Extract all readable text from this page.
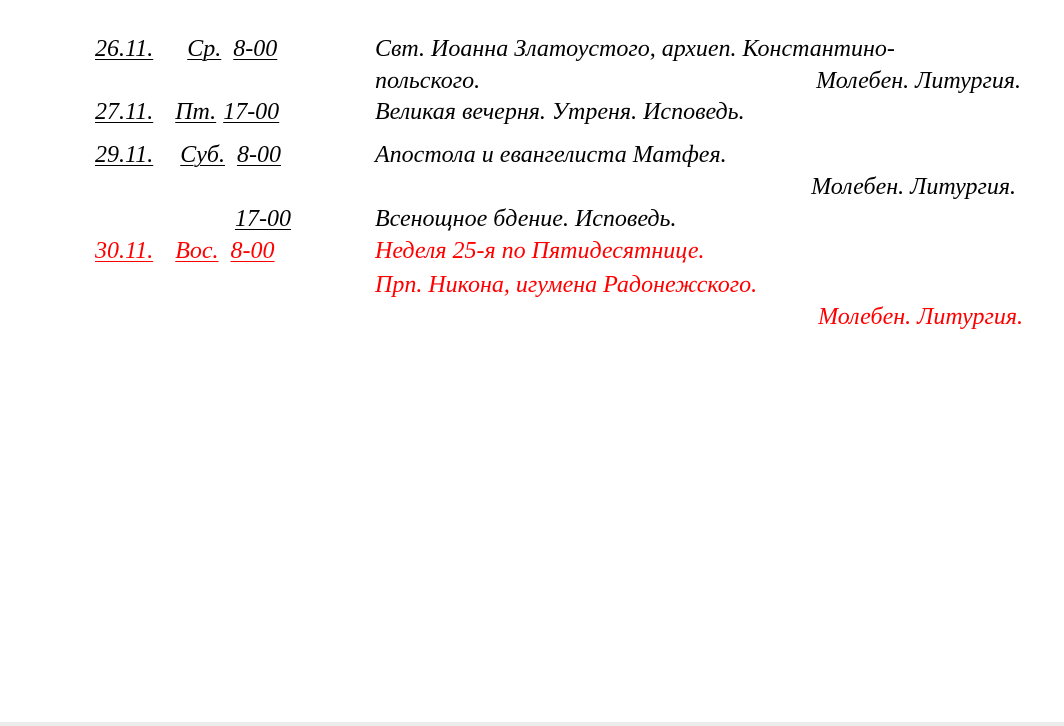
26.11. Ср. 8-00	Свт. Иоанна Златоустого, архиеп. Константино-
польского.	Молебен. Литургия.
27.11. Пт. 17-00	Великая вечерня. Утреня. Исповедь.
29.11. Суб. 8-00	Апостола и евангелиста Матфея.
Молебен. Литургия.
17-00	Всенощное бдение. Исповедь.
30.11. Вос. 8-00	Неделя 25-я по Пятидесятнице.
Прп. Никона, игумена Радонежского.
Молебен. Литургия.
